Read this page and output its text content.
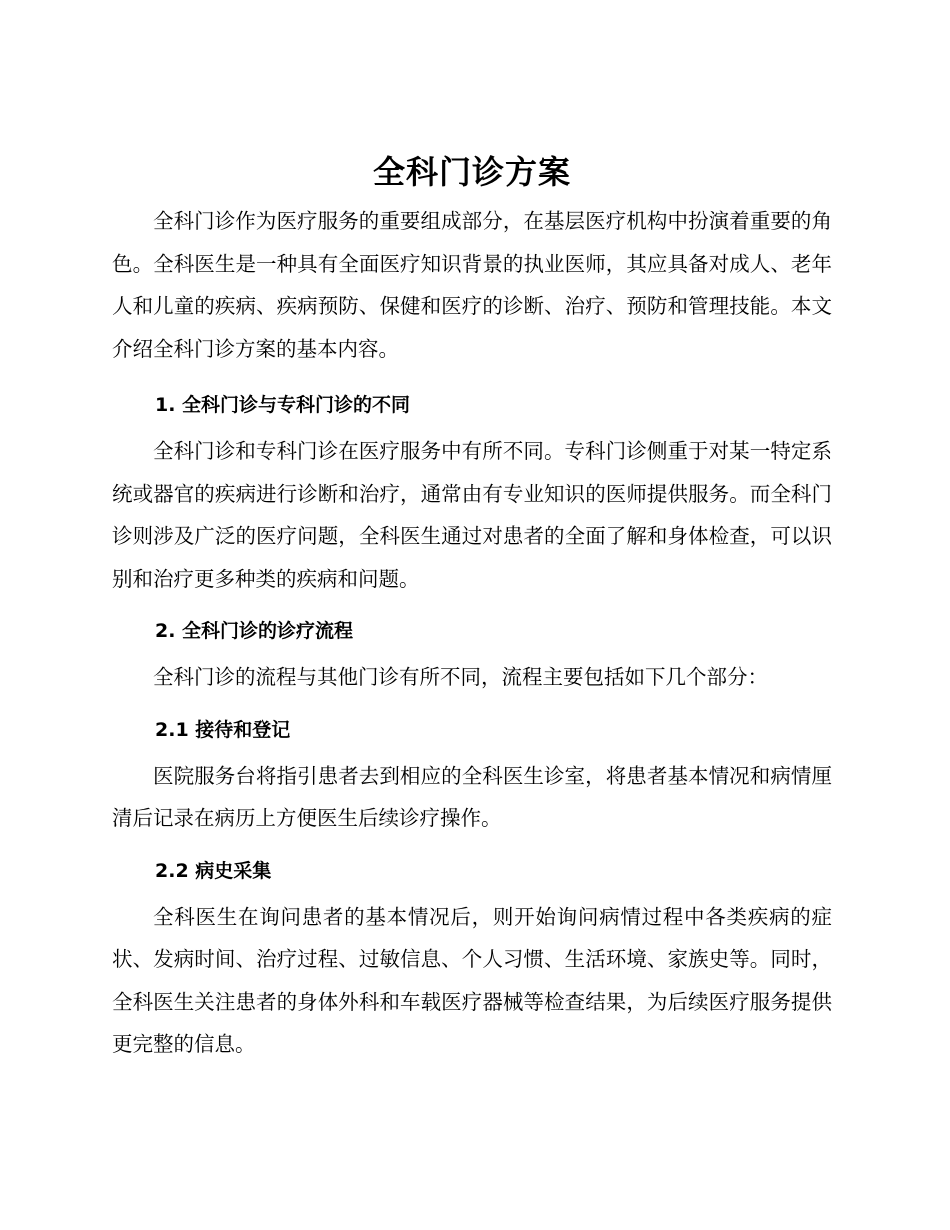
全科门诊方案

全科门诊作为医疗服务的重要组成部分，在基层医疗机构中扮演着重要的角色。全科医生是一种具有全面医疗知识背景的执业医师，其应具备对成人、老年人和儿童的疾病、疾病预防、保健和医疗的诊断、治疗、预防和管理技能。本文介绍全科门诊方案的基本内容。

1. 全科门诊与专科门诊的不同

全科门诊和专科门诊在医疗服务中有所不同。专科门诊侧重于对某一特定系统或器官的疾病进行诊断和治疗，通常由有专业知识的医师提供服务。而全科门诊则涉及广泛的医疗问题，全科医生通过对患者的全面了解和身体检查，可以识别和治疗更多种类的疾病和问题。

2. 全科门诊的诊疗流程

全科门诊的流程与其他门诊有所不同，流程主要包括如下几个部分：

2.1 接待和登记

医院服务台将指引患者去到相应的全科医生诊室，将患者基本情况和病情厘清后记录在病历上方便医生后续诊疗操作。

2.2 病史采集

全科医生在询问患者的基本情况后，则开始询问病情过程中各类疾病的症状、发病时间、治疗过程、过敏信息、个人习惯、生活环境、家族史等。同时，全科医生关注患者的身体外科和车载医疗器械等检查结果，为后续医疗服务提供更完整的信息。
